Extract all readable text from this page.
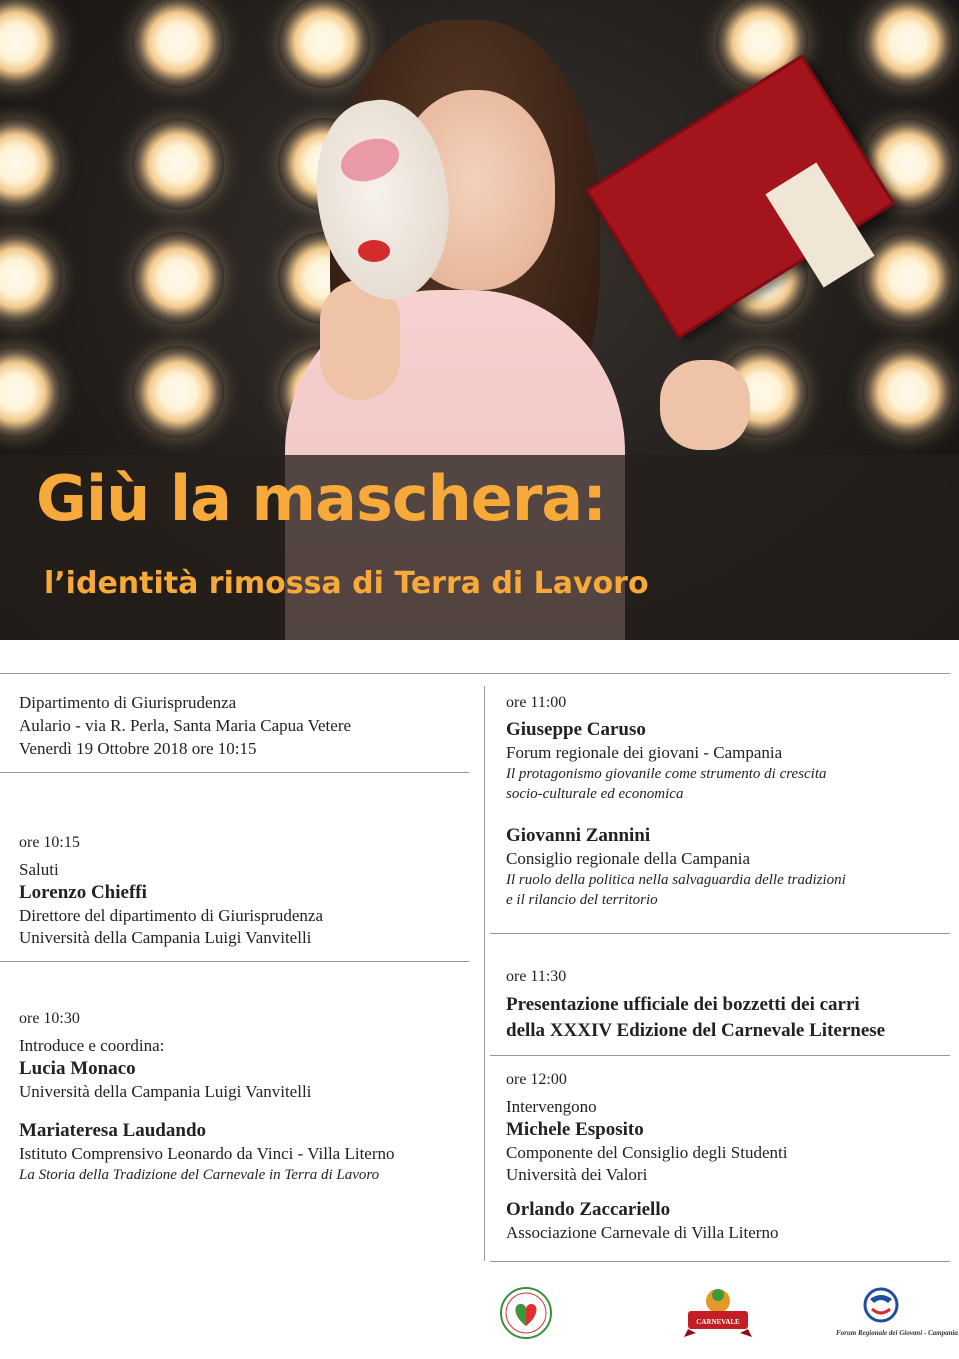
Giù la maschera:
l’identità rimossa di Terra di Lavoro
Dipartimento di Giurisprudenza
Aulario - via R. Perla, Santa Maria Capua Vetere
Venerdì 19 Ottobre 2018 ore 10:15
ore 10:15
Saluti
Lorenzo Chieffi
Direttore del dipartimento di Giurisprudenza
Università della Campania Luigi Vanvitelli
ore 10:30
Introduce e coordina:
Lucia Monaco
Università della Campania Luigi Vanvitelli
Mariateresa Laudando
Istituto Comprensivo Leonardo da Vinci - Villa Literno
La Storia della Tradizione del Carnevale in Terra di Lavoro
ore 11:00
Giuseppe Caruso
Forum regionale dei giovani - Campania
Il protagonismo giovanile come strumento di crescita
socio-culturale ed economica
Giovanni Zannini
Consiglio regionale della Campania
Il ruolo della politica nella salvaguardia delle tradizioni
e il rilancio del territorio
ore 11:30
Presentazione ufficiale dei bozzetti dei carri
della XXXIV Edizione del Carnevale Liternese
ore 12:00
Intervengono
Michele Esposito
Componente del Consiglio degli Studenti
Università dei Valori
Orlando Zaccariello
Associazione Carnevale di Villa Literno
CARNEVALE
Forum Regionale dei Giovani - Campania
